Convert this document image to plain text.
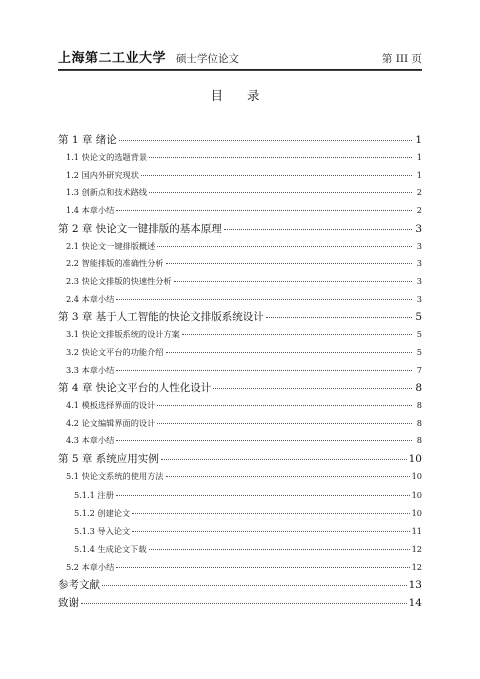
上海第二工业大学 硕士学位论文	第 III 页
目 录
第 1 章 绪论	1
1.1 快论文的选题背景	1
1.2 国内外研究现状	1
1.3 创新点和技术路线	2
1.4 本章小结	2
第 2 章 快论文一键排版的基本原理	3
2.1 快论文一键排版概述	3
2.2 智能排版的准确性分析	3
2.3 快论文排版的快速性分析	3
2.4 本章小结	3
第 3 章 基于人工智能的快论文排版系统设计	5
3.1 快论文排版系统的设计方案	5
3.2 快论文平台的功能介绍	5
3.3 本章小结	7
第 4 章 快论文平台的人性化设计	8
4.1 模板选择界面的设计	8
4.2 论文编辑界面的设计	8
4.3 本章小结	8
第 5 章 系统应用实例	10
5.1 快论文系统的使用方法	10
5.1.1 注册	10
5.1.2 创建论文	10
5.1.3 导入论文	11
5.1.4 生成论文下载	12
5.2 本章小结	12
参考文献	13
致谢	14
